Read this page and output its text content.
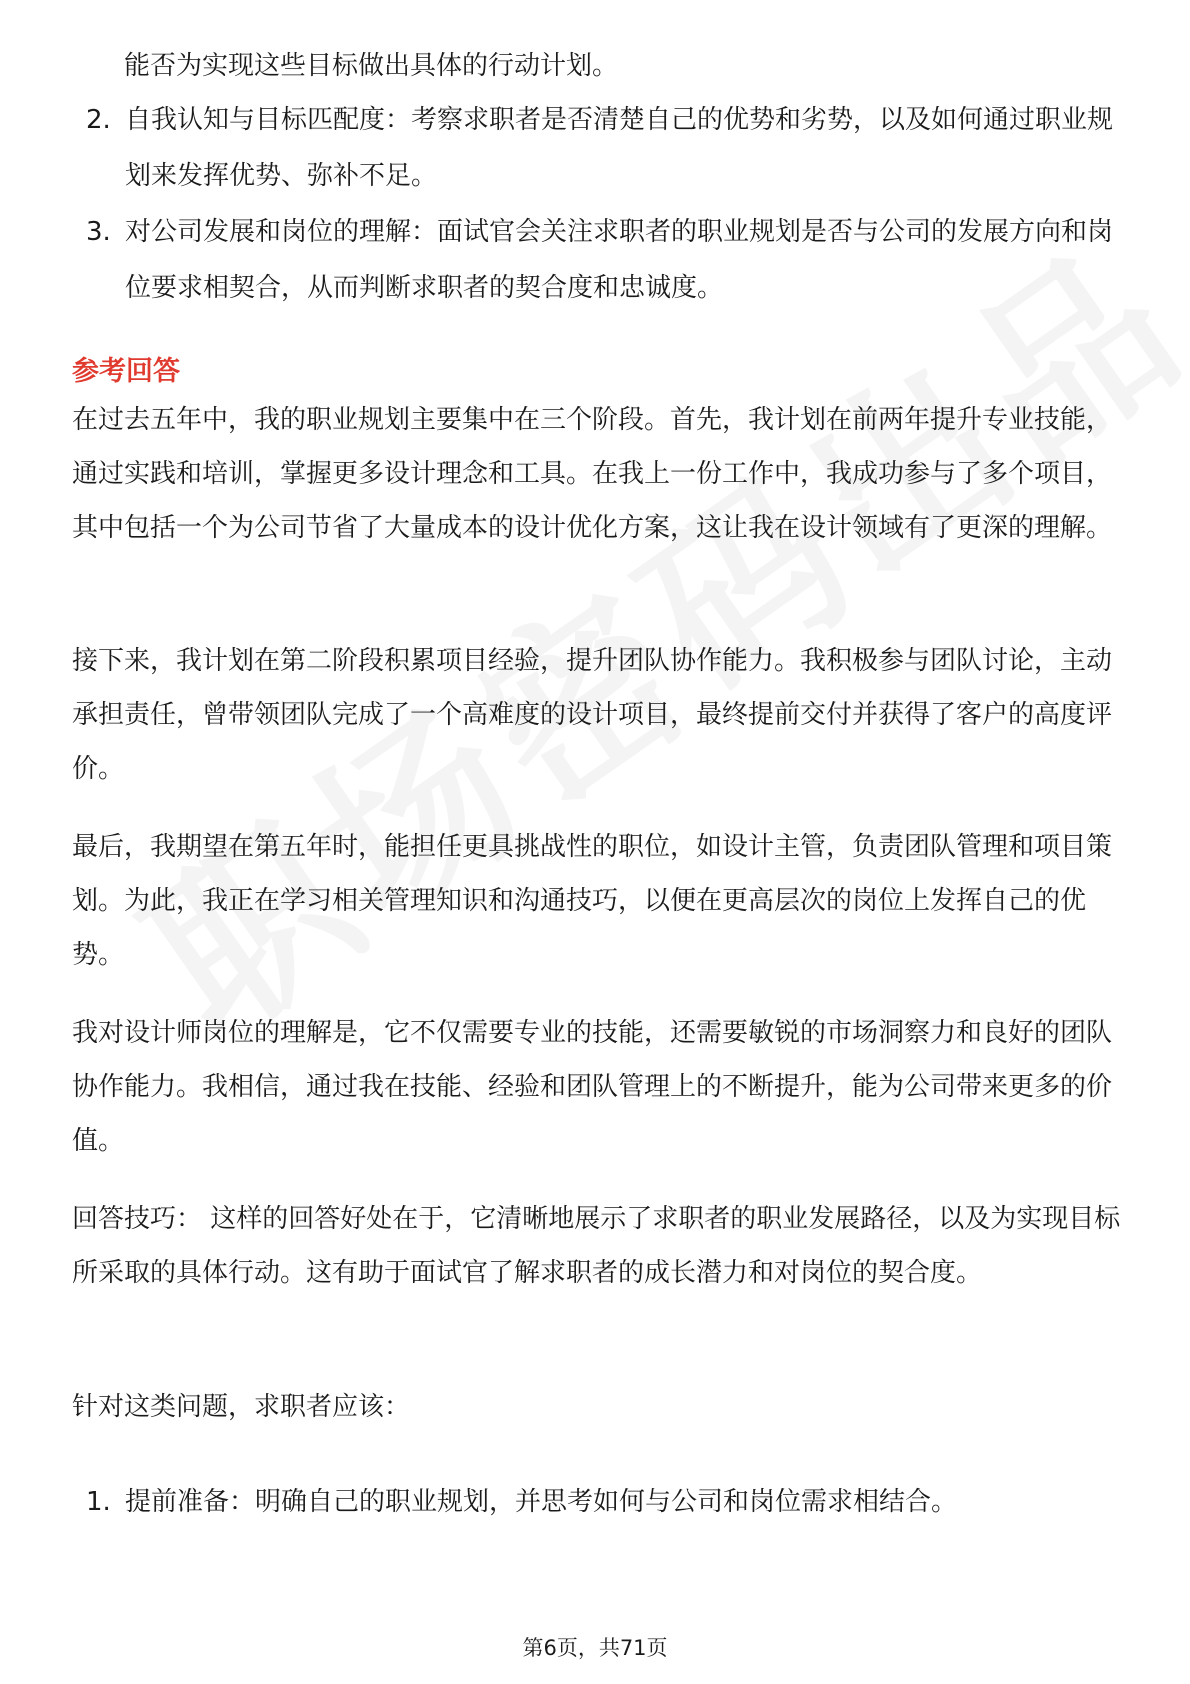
能否为实现这些目标做出具体的行动计划。
2. 自我认知与目标匹配度：考察求职者是否清楚自己的优势和劣势，以及如何通过职业规划来发挥优势、弥补不足。
3. 对公司发展和岗位的理解：面试官会关注求职者的职业规划是否与公司的发展方向和岗位要求相契合，从而判断求职者的契合度和忠诚度。
参考回答

在过去五年中，我的职业规划主要集中在三个阶段。首先，我计划在前两年提升专业技能，通过实践和培训，掌握更多设计理念和工具。在我上一份工作中，我成功参与了多个项目，其中包括一个为公司节省了大量成本的设计优化方案，这让我在设计领域有了更深的理解。

接下来，我计划在第二阶段积累项目经验，提升团队协作能力。我积极参与团队讨论，主动承担责任，曾带领团队完成了一个高难度的设计项目，最终提前交付并获得了客户的高度评价。

最后，我期望在第五年时，能担任更具挑战性的职位，如设计主管，负责团队管理和项目策划。为此，我正在学习相关管理知识和沟通技巧，以便在更高层次的岗位上发挥自己的优势。

我对设计师岗位的理解是，它不仅需要专业的技能，还需要敏锐的市场洞察力和良好的团队协作能力。我相信，通过我在技能、经验和团队管理上的不断提升，能为公司带来更多的价值。

回答技巧： 这样的回答好处在于，它清晰地展示了求职者的职业发展路径，以及为实现目标所采取的具体行动。这有助于面试官了解求职者的成长潜力和对岗位的契合度。

针对这类问题，求职者应该：

1. 提前准备：明确自己的职业规划，并思考如何与公司和岗位需求相结合。
第6页，共71页
